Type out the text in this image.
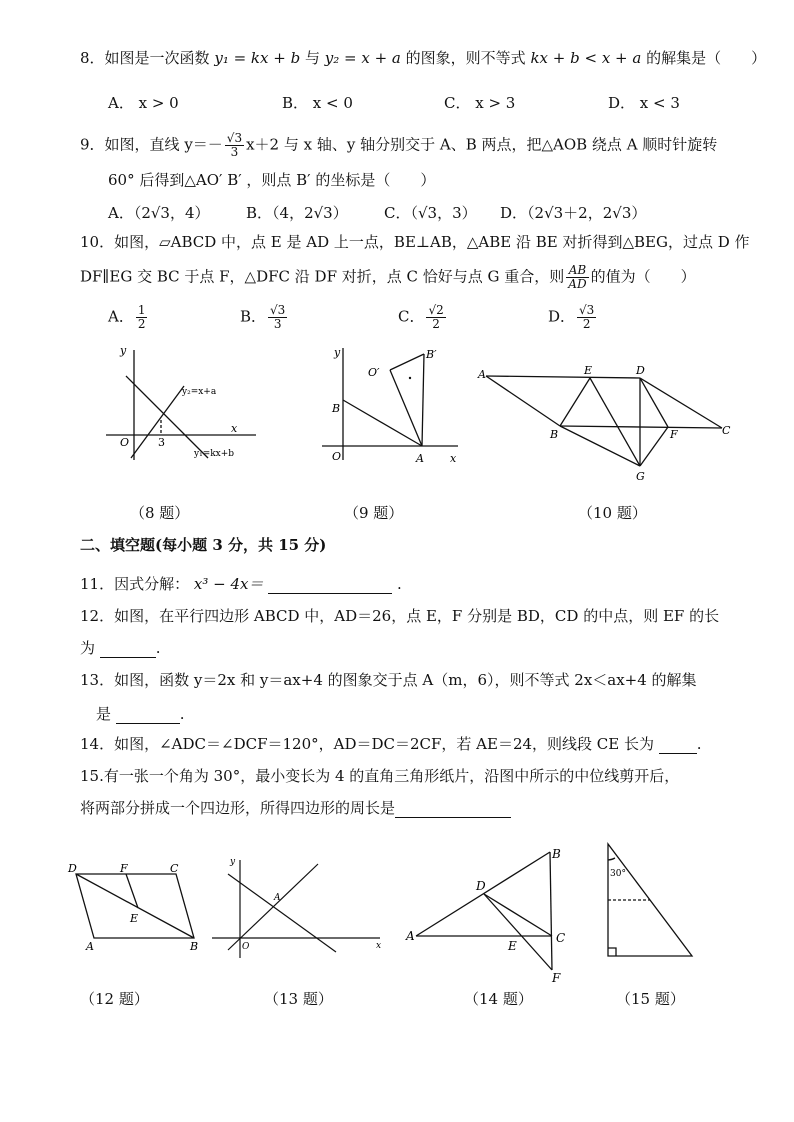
8．如图是一次函数 y₁ = kx + b 与 y₂ = x + a 的图象，则不等式 kx + b < x + a 的解集是（　　）
A． x > 0	B． x < 0	C． x > 3	D． x < 3
9．如图，直线 $y=- \frac{√3}{3} x+2$ 与 x 轴、y 轴分别交于 A、B 两点，把△AOB 绕点 A 顺时针旋转
60° 后得到△AO′ B′ ，则点 B′ 的坐标是（　　）
A．（2√3，4） B．（4，2√3） C．（√3，3） D．（2√3＋2，2√3）
10．如图，▱ABCD 中，点 E 是 AD 上一点，BE⊥AB，△ABE 沿 BE 对折得到△BEG，过点 D 作
DF∥EG 交 BC 于点 F，△DFC 沿 DF 对折，点 C 恰好与点 G 重合，则 $\frac{AB}{AD}$ 的值为（　　）
A． $\frac{1}{2}$	B． $\frac{√3}{3}$	C． $\frac{√2}{2}$	D． $\frac{√3}{2}$
y
x
O	3
y₂=x+a
y₁=kx+b
y
x
O	A
B
O′
B′
A	E	D
B	F	C
G
（8 题）	（9 题）	（10 题）
二、填空题(每小题 3 分，共 15 分)
11．因式分解： x³ − 4x＝	.
12．如图，在平行四边形 ABCD 中，AD＝26，点 E，F 分别是 BD，CD 的中点，则 EF 的长
为	.
13．如图，函数 y＝2x 和 y＝ax+4 的图象交于点 A（m，6），则不等式 2x＜ax+4 的解集
是	.
14．如图，∠ADC＝∠DCF＝120°，AD＝DC＝2CF，若 AE＝24，则线段 CE 长为	.
15.有一张一个角为 30°，最小变长为 4 的直角三角形纸片，沿图中所示的中位线剪开后，
将两部分拼成一个四边形，所得四边形的周长是
D	F	C
E
A	B
y
x
O
A
B
D
A
E
C
F
30°
（12 题）	（13 题）	（14 题）	（15 题）
